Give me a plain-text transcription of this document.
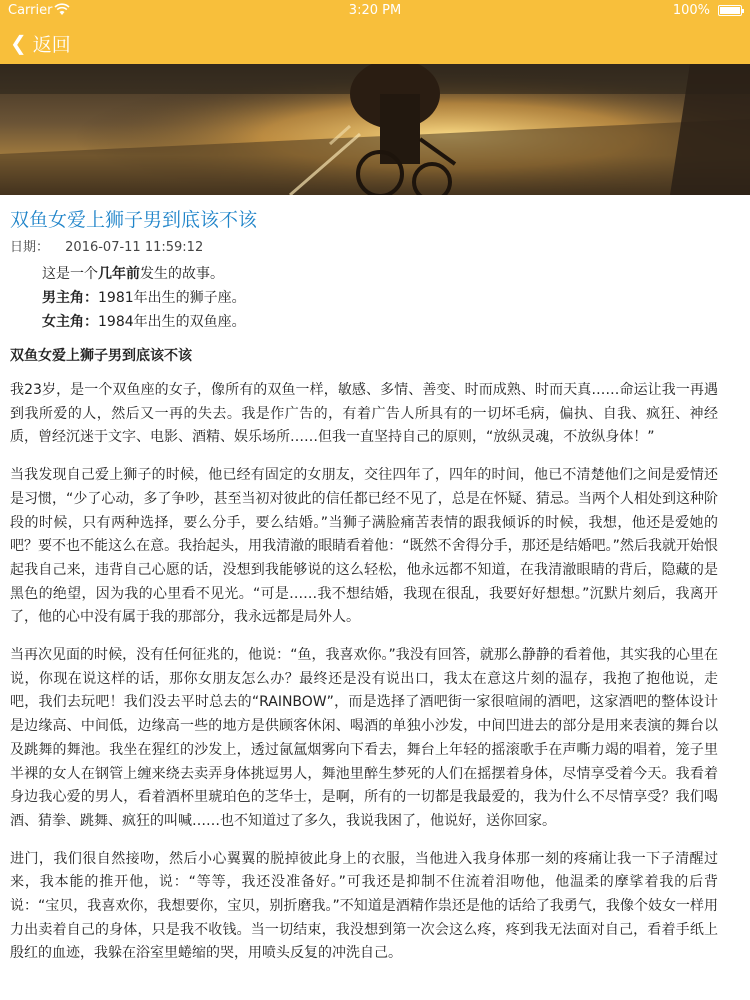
Carrier	3:20 PM	100%
❮ 返回
双鱼女爱上狮子男到底该不该
日期： 2016-07-11 11:59:12

这是一个几年前发生的故事。

男主角：1981年出生的狮子座。

女主角：1984年出生的双鱼座。

双鱼女爱上狮子男到底该不该

我23岁，是一个双鱼座的女子，像所有的双鱼一样，敏感、多情、善变、时而成熟、时而天真……命运让我一再遇到我所爱的人，然后又一再的失去。我是作广告的，有着广告人所具有的一切坏毛病，偏执、自我、疯狂、神经质，曾经沉迷于文字、电影、酒精、娱乐场所……但我一直坚持自己的原则，“放纵灵魂，不放纵身体！”

当我发现自己爱上狮子的时候，他已经有固定的女朋友，交往四年了，四年的时间，他已不清楚他们之间是爱情还是习惯，“少了心动，多了争吵，甚至当初对彼此的信任都已经不见了，总是在怀疑、猜忌。当两个人相处到这种阶段的时候，只有两种选择，要么分手，要么结婚。”当狮子满脸痛苦表情的跟我倾诉的时候，我想，他还是爱她的吧？要不也不能这么在意。我抬起头，用我清澈的眼睛看着他：“既然不舍得分手，那还是结婚吧。”然后我就开始恨起我自己来，违背自己心愿的话，没想到我能够说的这么轻松，他永远都不知道，在我清澈眼睛的背后，隐藏的是黑色的绝望，因为我的心里看不见光。“可是……我不想结婚，我现在很乱，我要好好想想。”沉默片刻后，我离开了，他的心中没有属于我的那部分，我永远都是局外人。

当再次见面的时候，没有任何征兆的，他说：“鱼，我喜欢你。”我没有回答，就那么静静的看着他，其实我的心里在说，你现在说这样的话，那你女朋友怎么办？最终还是没有说出口，我太在意这片刻的温存，我抱了抱他说，走吧，我们去玩吧！我们没去平时总去的“RAINBOW”，而是选择了酒吧街一家很喧闹的酒吧，这家酒吧的整体设计是边缘高、中间低，边缘高一些的地方是供顾客休闲、喝酒的单独小沙发，中间凹进去的部分是用来表演的舞台以及跳舞的舞池。我坐在猩红的沙发上，透过氤氲烟雾向下看去，舞台上年轻的摇滚歌手在声嘶力竭的唱着，笼子里半裸的女人在钢管上缠来绕去卖弄身体挑逗男人，舞池里醉生梦死的人们在摇摆着身体，尽情享受着今天。我看着身边我心爱的男人，看着酒杯里琥珀色的芝华士，是啊，所有的一切都是我最爱的，我为什么不尽情享受？我们喝酒、猜拳、跳舞、疯狂的叫喊……也不知道过了多久，我说我困了，他说好，送你回家。

进门，我们很自然接吻，然后小心翼翼的脱掉彼此身上的衣服，当他进入我身体那一刻的疼痛让我一下子清醒过来，我本能的推开他，说：“等等，我还没准备好。”可我还是抑制不住流着泪吻他，他温柔的摩挲着我的后背说：“宝贝，我喜欢你，我想要你，宝贝，别折磨我。”不知道是酒精作祟还是他的话给了我勇气，我像个妓女一样用力出卖着自己的身体，只是我不收钱。当一切结束，我没想到第一次会这么疼，疼到我无法面对自己，看着手纸上殷红的血迹，我躲在浴室里蜷缩的哭，用喷头反复的冲洗自己。
